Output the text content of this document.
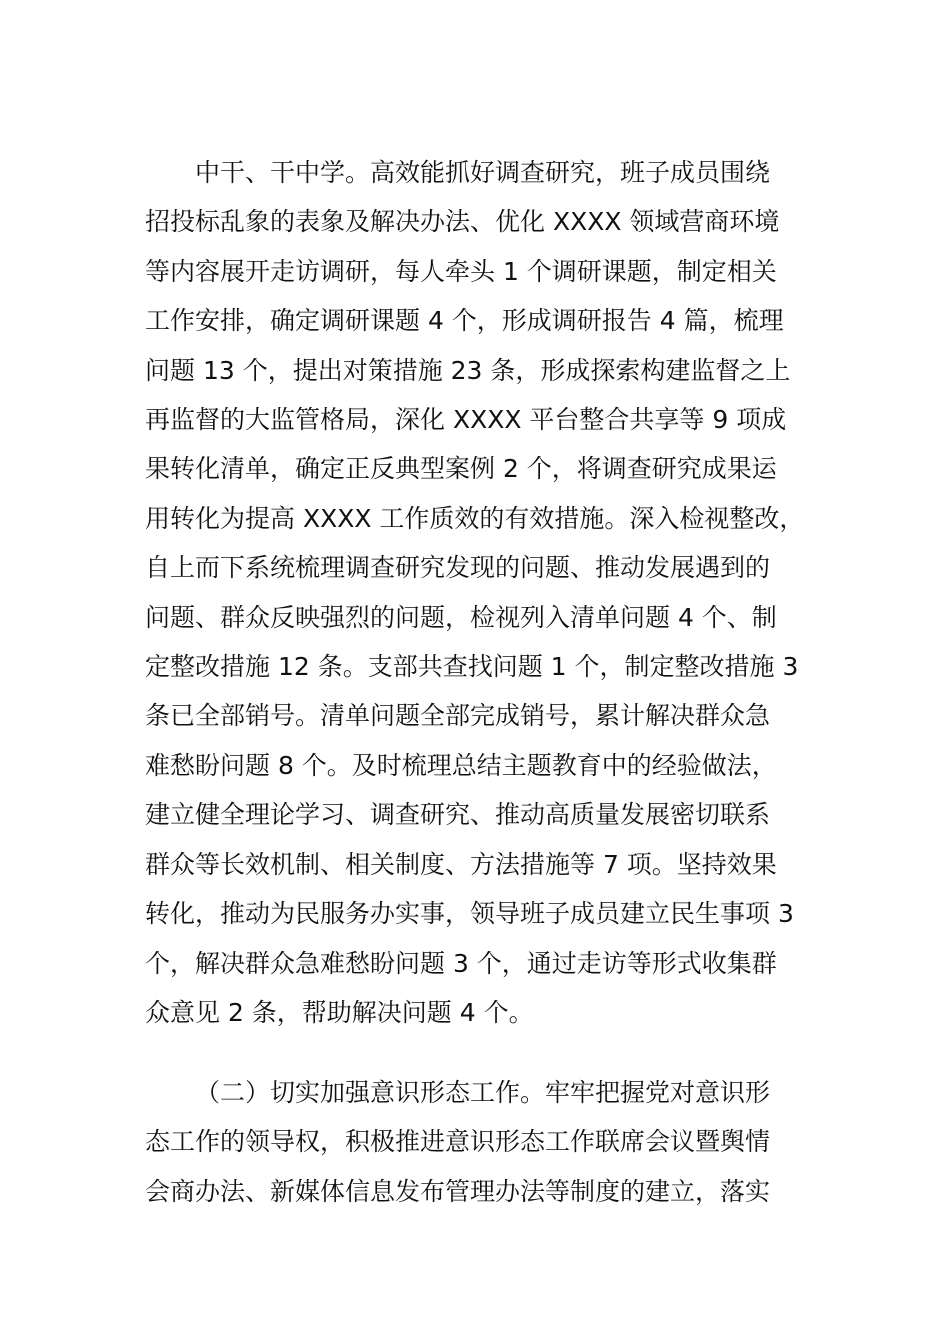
中干、干中学。高效能抓好调查研究，班子成员围绕
招投标乱象的表象及解决办法、优化 XXXX 领域营商环境
等内容展开走访调研，每人牵头 1 个调研课题，制定相关
工作安排，确定调研课题 4 个，形成调研报告 4 篇，梳理
问题 13 个，提出对策措施 23 条，形成探索构建监督之上
再监督的大监管格局，深化 XXXX 平台整合共享等 9 项成
果转化清单，确定正反典型案例 2 个，将调查研究成果运
用转化为提高 XXXX 工作质效的有效措施。深入检视整改，
自上而下系统梳理调查研究发现的问题、推动发展遇到的
问题、群众反映强烈的问题，检视列入清单问题 4 个、制
定整改措施 12 条。支部共查找问题 1 个，制定整改措施 3
条已全部销号。清单问题全部完成销号，累计解决群众急
难愁盼问题 8 个。及时梳理总结主题教育中的经验做法，
建立健全理论学习、调查研究、推动高质量发展密切联系
群众等长效机制、相关制度、方法措施等 7 项。坚持效果
转化，推动为民服务办实事，领导班子成员建立民生事项 3
个，解决群众急难愁盼问题 3 个，通过走访等形式收集群
众意见 2 条，帮助解决问题 4 个。
（二）切实加强意识形态工作。牢牢把握党对意识形
态工作的领导权，积极推进意识形态工作联席会议暨舆情
会商办法、新媒体信息发布管理办法等制度的建立，落实
